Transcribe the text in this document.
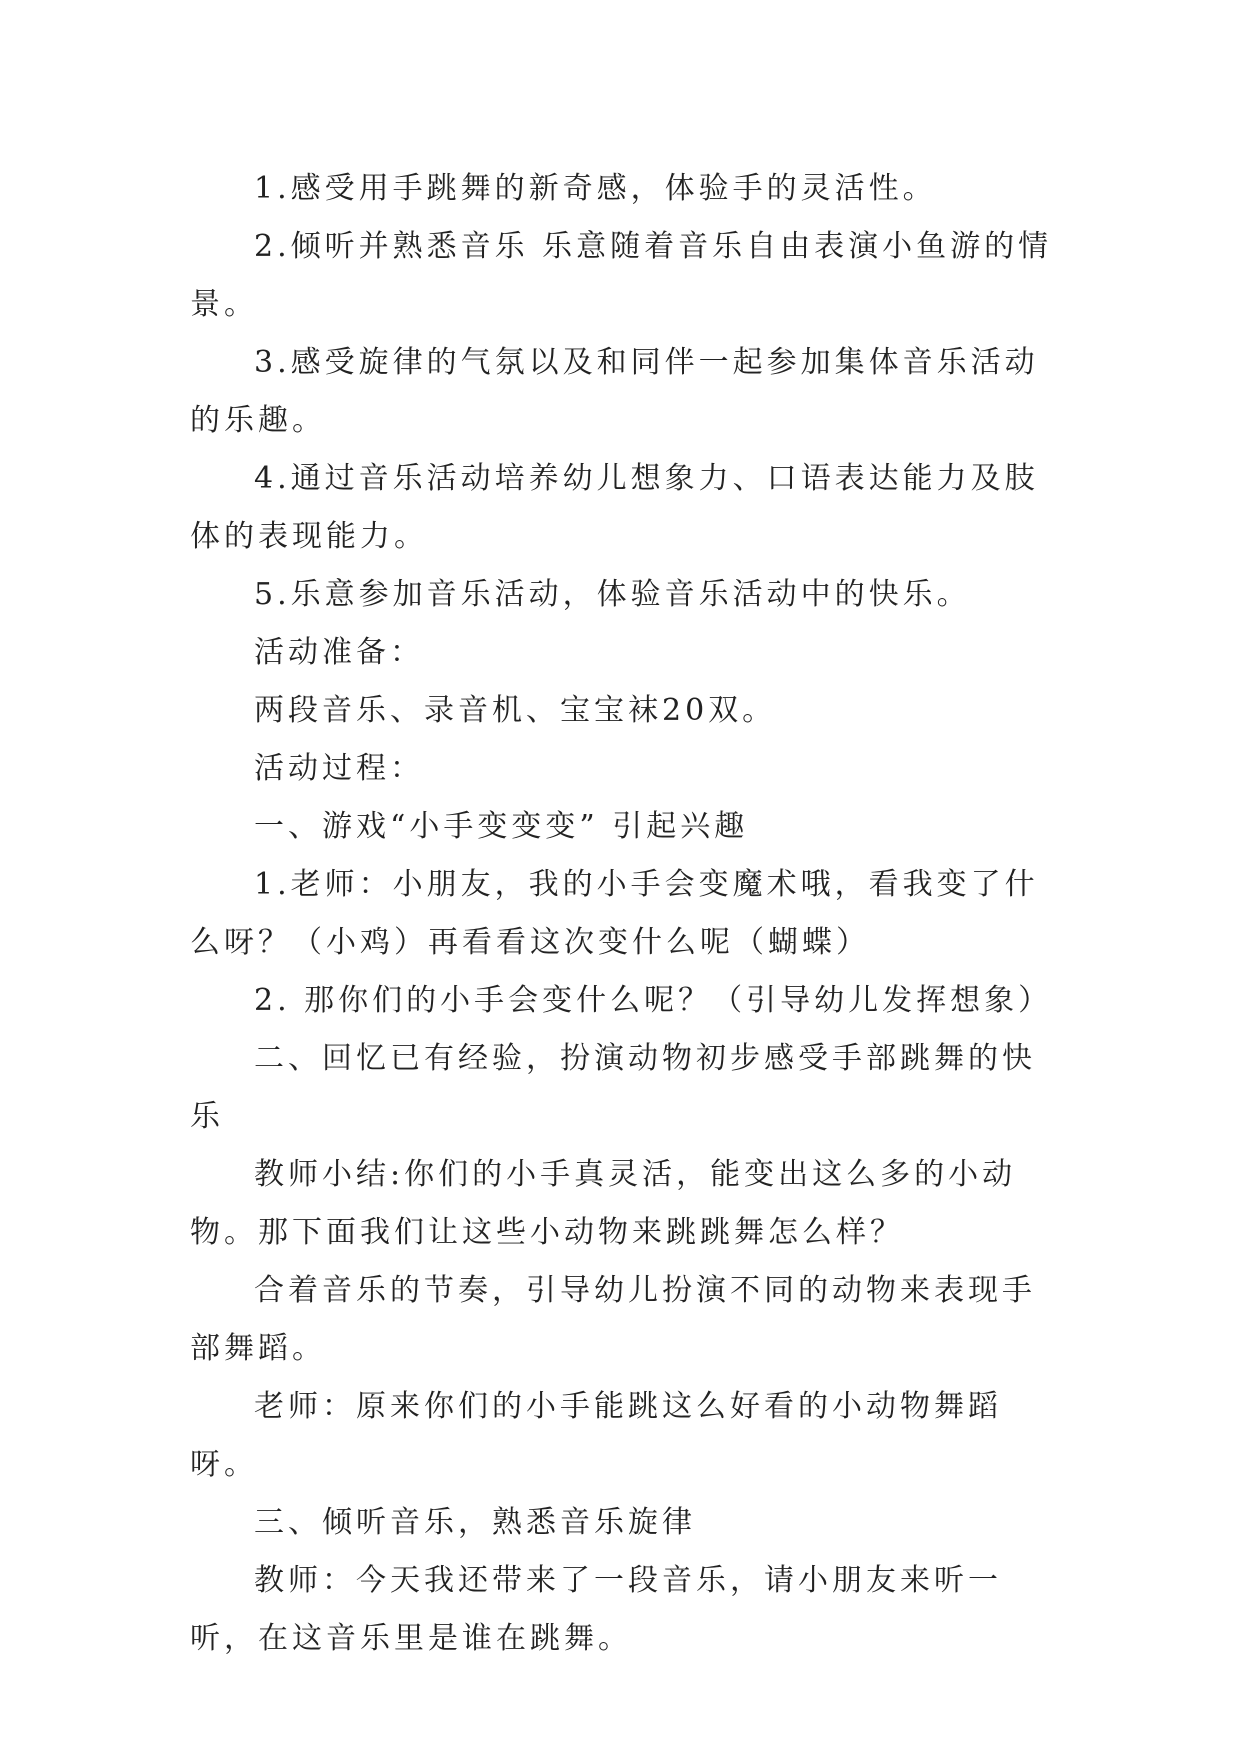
1.感受用手跳舞的新奇感，体验手的灵活性。

2.倾听并熟悉音乐 乐意随着音乐自由表演小鱼游的情景。

3.感受旋律的气氛以及和同伴一起参加集体音乐活动的乐趣。

4.通过音乐活动培养幼儿想象力、口语表达能力及肢体的表现能力。

5.乐意参加音乐活动，体验音乐活动中的快乐。

活动准备：

两段音乐、录音机、宝宝袜20双。

活动过程：

一、游戏“小手变变变” 引起兴趣

1.老师：小朋友，我的小手会变魔术哦，看我变了什么呀？（小鸡）再看看这次变什么呢（蝴蝶）

2. 那你们的小手会变什么呢？（引导幼儿发挥想象）

二、回忆已有经验，扮演动物初步感受手部跳舞的快乐

教师小结:你们的小手真灵活，能变出这么多的小动物。那下面我们让这些小动物来跳跳舞怎么样？

合着音乐的节奏，引导幼儿扮演不同的动物来表现手部舞蹈。

老师：原来你们的小手能跳这么好看的小动物舞蹈呀。

三、倾听音乐，熟悉音乐旋律

教师：今天我还带来了一段音乐，请小朋友来听一听，在这音乐里是谁在跳舞。
